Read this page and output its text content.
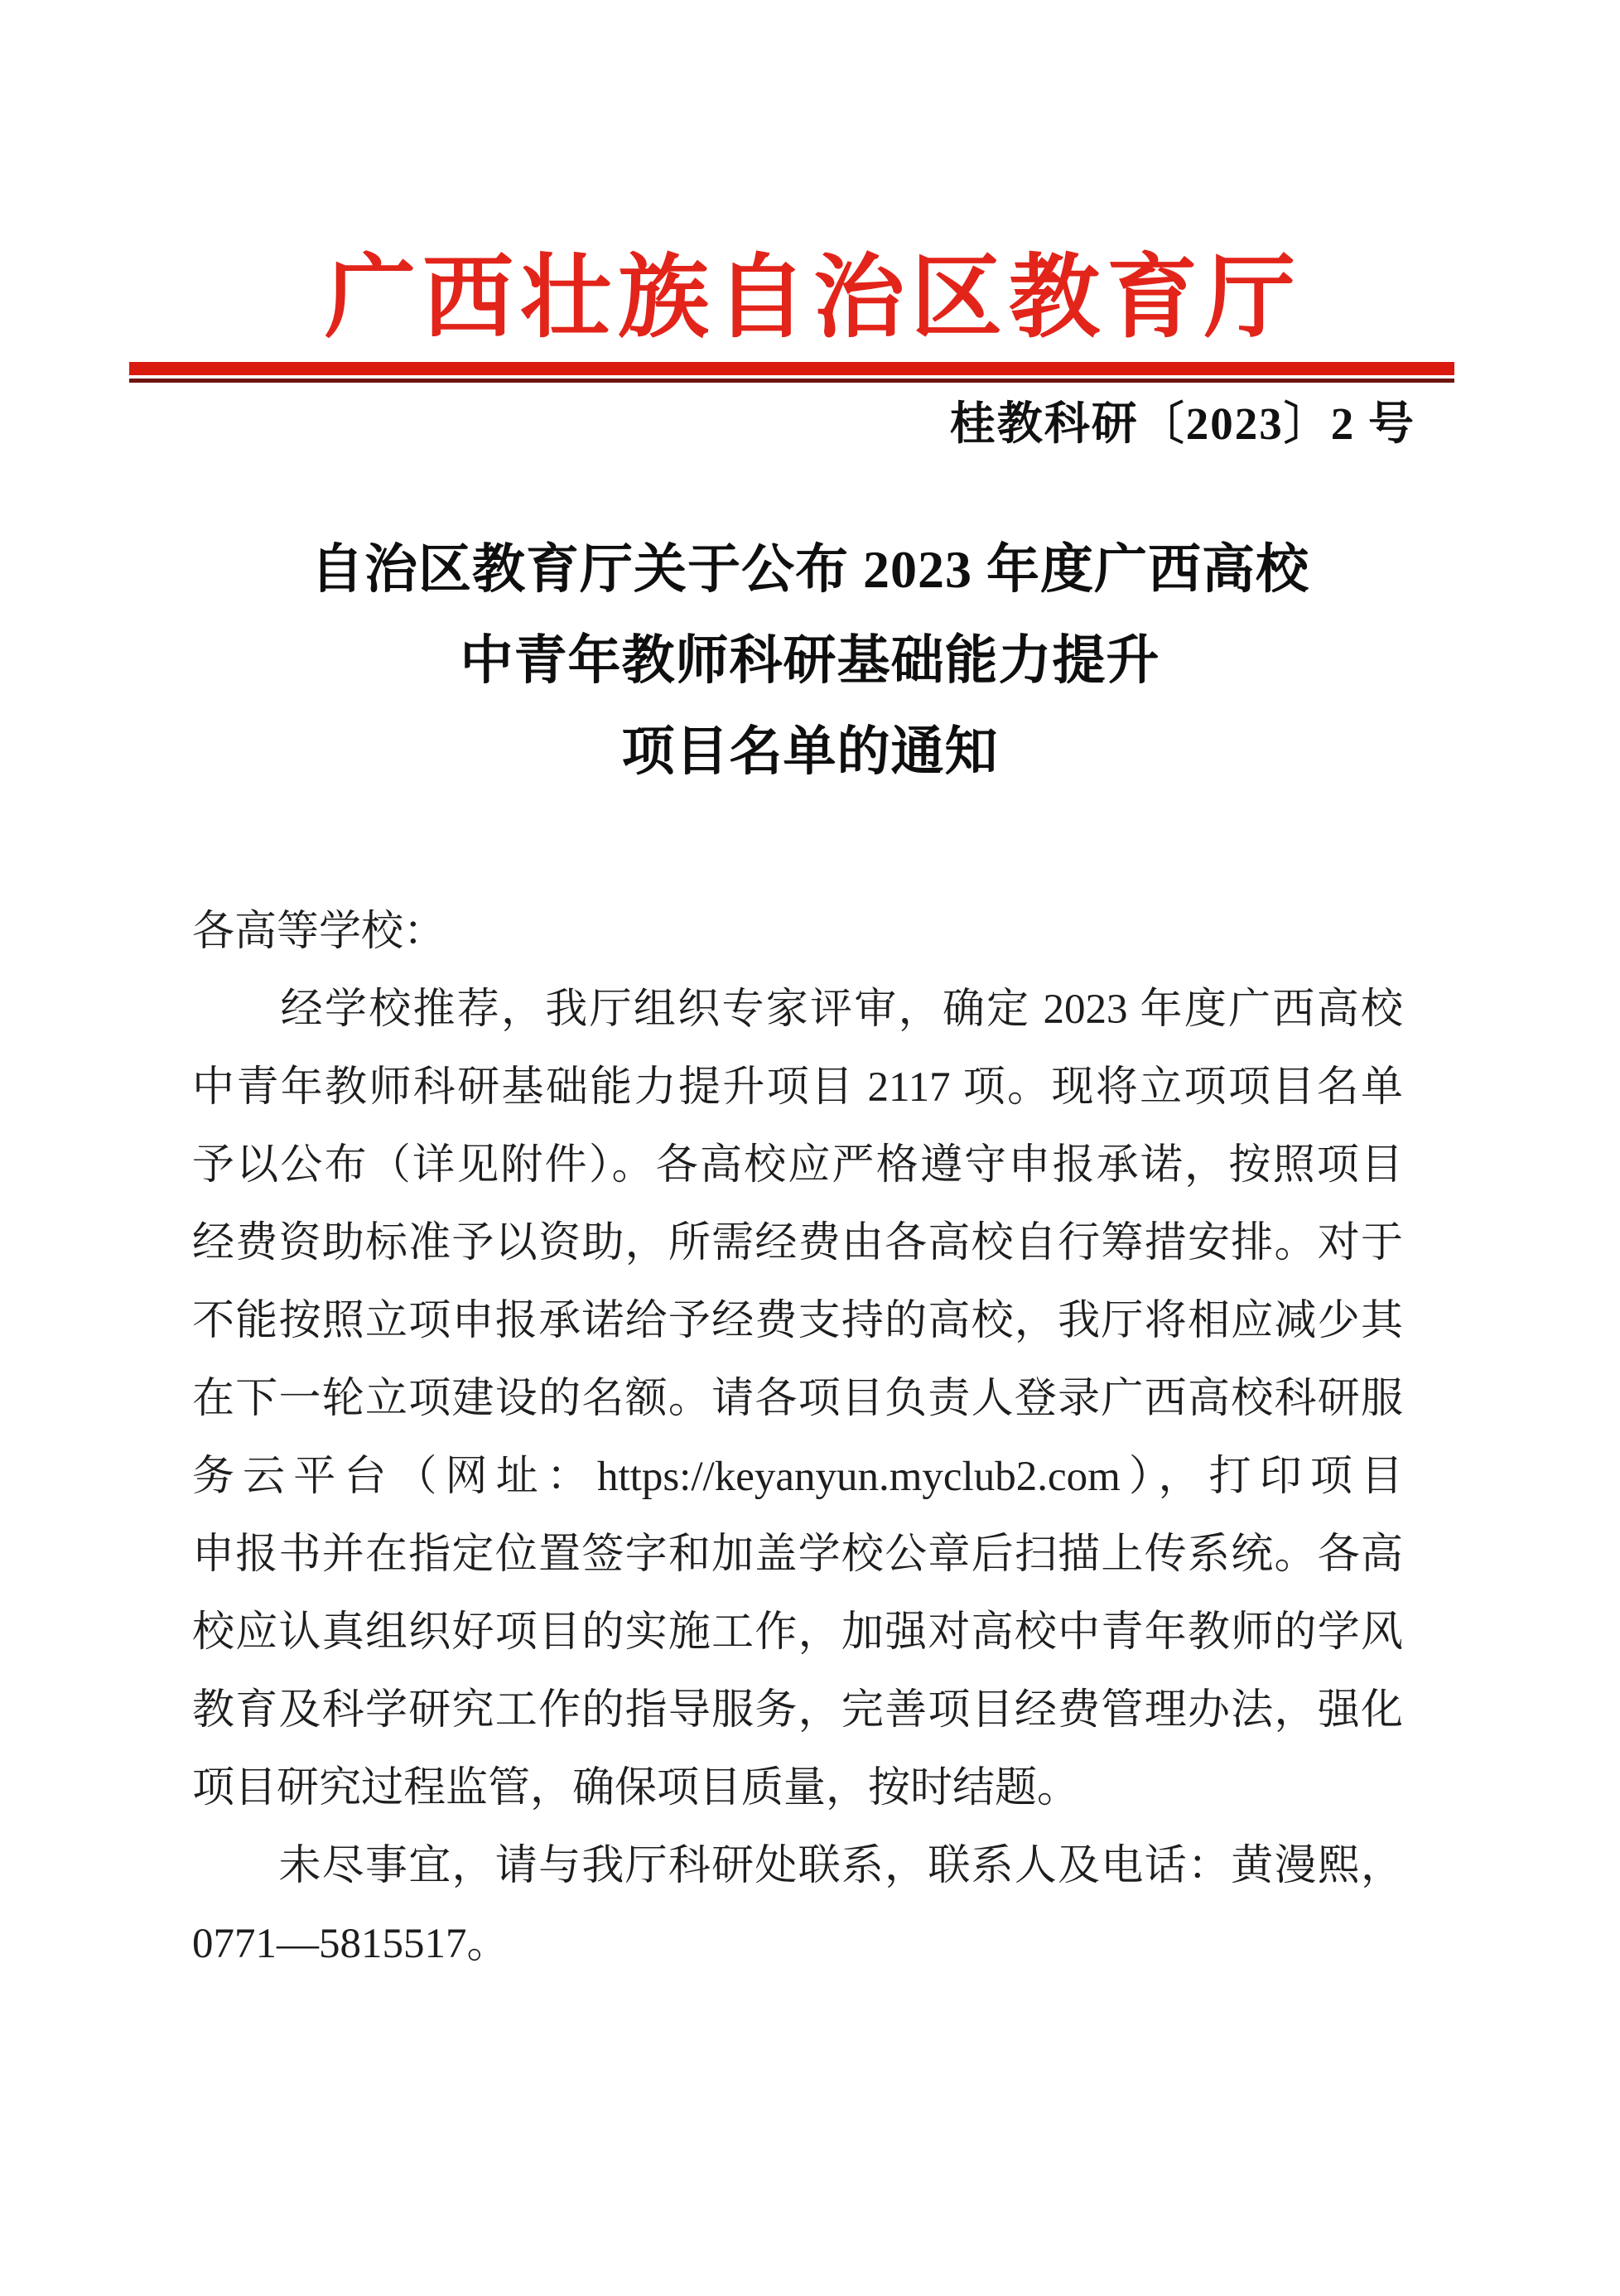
广西壮族自治区教育厅
桂教科研〔2023〕2 号
自治区教育厅关于公布 2023 年度广西高校
中青年教师科研基础能力提升
项目名单的通知
各高等学校：
　　经学校推荐，我厅组织专家评审，确定 2023 年度广西高校
中青年教师科研基础能力提升项目 2117 项。现将立项项目名单
予以公布（详见附件）。各高校应严格遵守申报承诺，按照项目
经费资助标准予以资助，所需经费由各高校自行筹措安排。对于
不能按照立项申报承诺给予经费支持的高校，我厅将相应减少其
在下一轮立项建设的名额。请各项目负责人登录广西高校科研服
务云平台（网址：https://keyanyun.myclub2.com），打印项目
申报书并在指定位置签字和加盖学校公章后扫描上传系统。各高
校应认真组织好项目的实施工作，加强对高校中青年教师的学风
教育及科学研究工作的指导服务，完善项目经费管理办法，强化
项目研究过程监管，确保项目质量，按时结题。
　　未尽事宜，请与我厅科研处联系，联系人及电话：黄漫熙，
0771—5815517。
